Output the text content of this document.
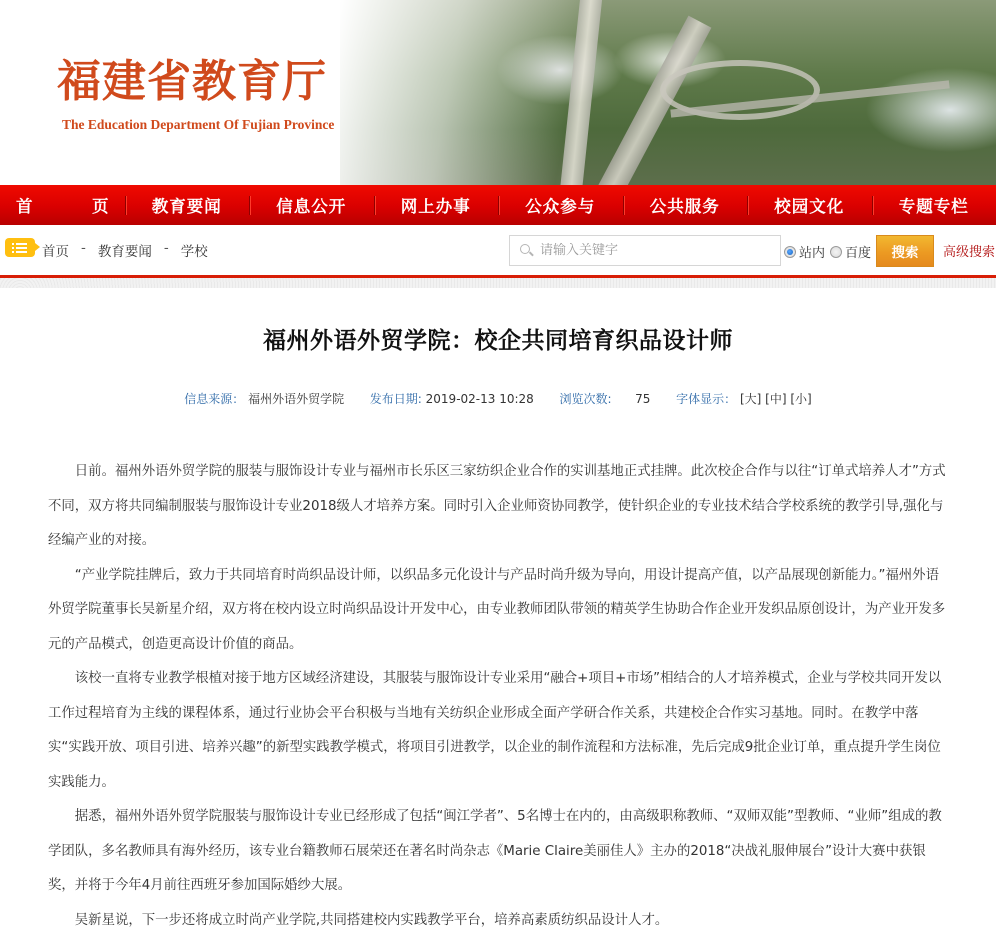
福建省教育厅
The Education Department Of Fujian Province
首  页 教育要闻	信息公开	网上办事	公众参与	公共服务	校园文化	专题专栏
首页 - 教育要闻 - 学校
请输入关键字	站内 百度	搜索	高级搜索
福州外语外贸学院：校企共同培育织品设计师
信息来源： 福州外语外贸学院 发布日期: 2019-02-13 10:28 浏览次数: 75 字体显示： [大] [中] [小]

日前。福州外语外贸学院的服装与服饰设计专业与福州市长乐区三家纺织企业合作的实训基地正式挂牌。此次校企合作与以往“订单式培养人才”方式不同，双方将共同编制服装与服饰设计专业2018级人才培养方案。同时引入企业师资协同教学，使针织企业的专业技术结合学校系统的教学引导,强化与经编产业的对接。

“产业学院挂牌后，致力于共同培育时尚织品设计师，以织品多元化设计与产品时尚升级为导向，用设计提高产值，以产品展现创新能力。”福州外语外贸学院董事长吴新星介绍，双方将在校内设立时尚织品设计开发中心，由专业教师团队带领的精英学生协助合作企业开发织品原创设计，为产业开发多元的产品模式，创造更高设计价值的商品。

该校一直将专业教学根植对接于地方区域经济建设，其服装与服饰设计专业采用“融合+项目+市场”相结合的人才培养模式，企业与学校共同开发以工作过程培育为主线的课程体系，通过行业协会平台积极与当地有关纺织企业形成全面产学研合作关系，共建校企合作实习基地。同时。在教学中落实“实践开放、项目引进、培养兴趣”的新型实践教学模式，将项目引进教学，以企业的制作流程和方法标准，先后完成9批企业订单，重点提升学生岗位实践能力。

据悉，福州外语外贸学院服装与服饰设计专业已经形成了包括“闽江学者”、5名博士在内的，由高级职称教师、“双师双能”型教师、“业师”组成的教学团队，多名教师具有海外经历，该专业台籍教师石展荣还在著名时尚杂志《Marie Claire美丽佳人》主办的2018“决战礼服伸展台”设计大赛中获银奖，并将于今年4月前往西班牙参加国际婚纱大展。

吴新星说，下一步还将成立时尚产业学院,共同搭建校内实践教学平台，培养高素质纺织品设计人才。
